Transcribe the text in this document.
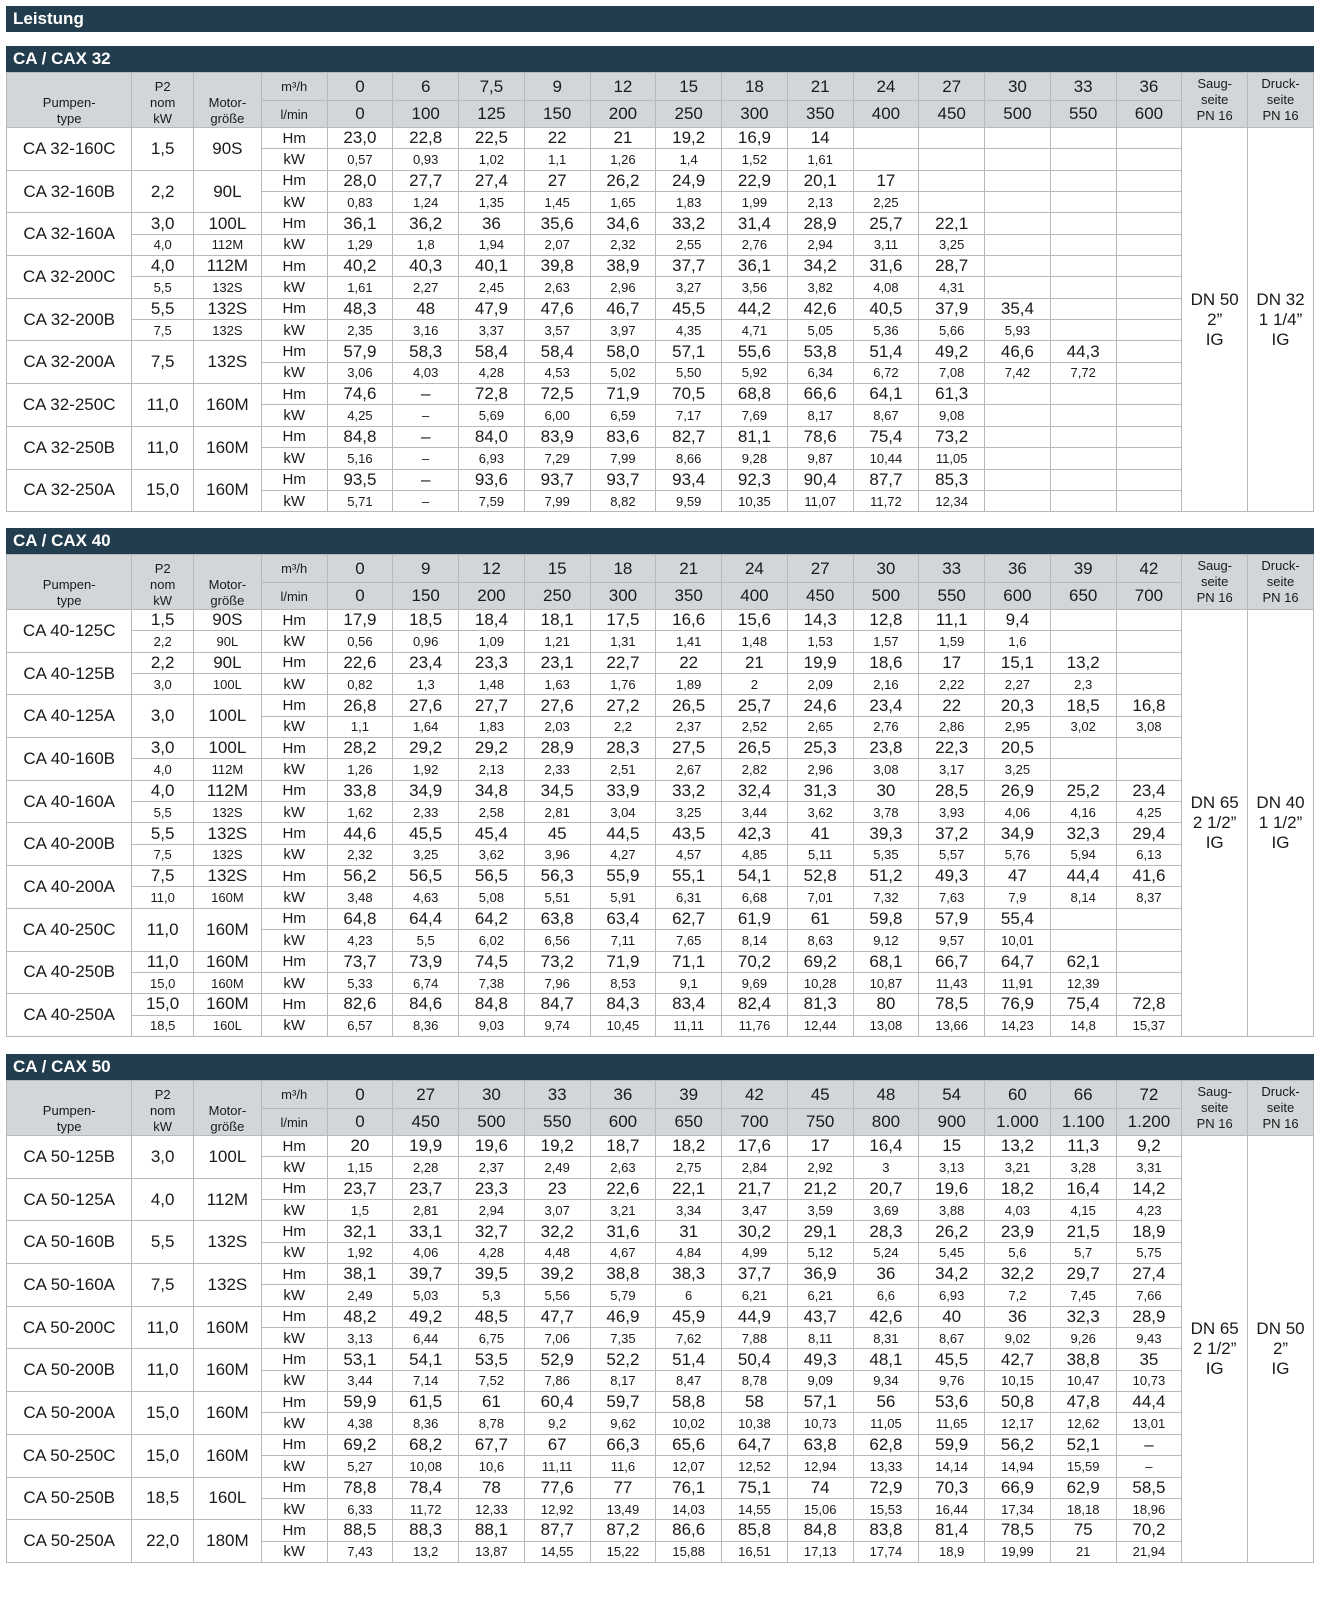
Leistung
CA / CAX 32
Pumpen-
type	P2
nom
kW	Motor-
größe	m³/h	0	6	7,5	9	12	15	18	21	24	27	30	33	36	Saug-
seite
PN 16	Druck-
seite
PN 16
			l/min	0	100	125	150	200	250	300	350	400	450	500	550	600		
CA 32-160C	1,5	90S	Hm	23,0	22,8	22,5	22	21	19,2	16,9	14						DN 50
2”
IG	DN 32
1 1/4”
IG
			kW	0,57	0,93	1,02	1,1	1,26	1,4	1,52	1,61							
CA 32-160B	2,2	90L	Hm	28,0	27,7	27,4	27	26,2	24,9	22,9	20,1	17						
			kW	0,83	1,24	1,35	1,45	1,65	1,83	1,99	2,13	2,25						
CA 32-160A	3,0	100L	Hm	36,1	36,2	36	35,6	34,6	33,2	31,4	28,9	25,7	22,1					
	4,0	112M	kW	1,29	1,8	1,94	2,07	2,32	2,55	2,76	2,94	3,11	3,25					
CA 32-200C	4,0	112M	Hm	40,2	40,3	40,1	39,8	38,9	37,7	36,1	34,2	31,6	28,7					
	5,5	132S	kW	1,61	2,27	2,45	2,63	2,96	3,27	3,56	3,82	4,08	4,31					
CA 32-200B	5,5	132S	Hm	48,3	48	47,9	47,6	46,7	45,5	44,2	42,6	40,5	37,9	35,4				
	7,5	132S	kW	2,35	3,16	3,37	3,57	3,97	4,35	4,71	5,05	5,36	5,66	5,93				
CA 32-200A	7,5	132S	Hm	57,9	58,3	58,4	58,4	58,0	57,1	55,6	53,8	51,4	49,2	46,6	44,3			
			kW	3,06	4,03	4,28	4,53	5,02	5,50	5,92	6,34	6,72	7,08	7,42	7,72			
CA 32-250C	11,0	160M	Hm	74,6	–	72,8	72,5	71,9	70,5	68,8	66,6	64,1	61,3					
			kW	4,25	–	5,69	6,00	6,59	7,17	7,69	8,17	8,67	9,08					
CA 32-250B	11,0	160M	Hm	84,8	–	84,0	83,9	83,6	82,7	81,1	78,6	75,4	73,2					
			kW	5,16	–	6,93	7,29	7,99	8,66	9,28	9,87	10,44	11,05					
CA 32-250A	15,0	160M	Hm	93,5	–	93,6	93,7	93,7	93,4	92,3	90,4	87,7	85,3					
			kW	5,71	–	7,59	7,99	8,82	9,59	10,35	11,07	11,72	12,34					
CA / CAX 40
Pumpen-
type	P2
nom
kW	Motor-
größe	m³/h	0	9	12	15	18	21	24	27	30	33	36	39	42	Saug-
seite
PN 16	Druck-
seite
PN 16
			l/min	0	150	200	250	300	350	400	450	500	550	600	650	700		
CA 40-125C	1,5	90S	Hm	17,9	18,5	18,4	18,1	17,5	16,6	15,6	14,3	12,8	11,1	9,4			DN 65
2 1/2”
IG	DN 40
1 1/2”
IG
	2,2	90L	kW	0,56	0,96	1,09	1,21	1,31	1,41	1,48	1,53	1,57	1,59	1,6				
CA 40-125B	2,2	90L	Hm	22,6	23,4	23,3	23,1	22,7	22	21	19,9	18,6	17	15,1	13,2			
	3,0	100L	kW	0,82	1,3	1,48	1,63	1,76	1,89	2	2,09	2,16	2,22	2,27	2,3			
CA 40-125A	3,0	100L	Hm	26,8	27,6	27,7	27,6	27,2	26,5	25,7	24,6	23,4	22	20,3	18,5	16,8		
			kW	1,1	1,64	1,83	2,03	2,2	2,37	2,52	2,65	2,76	2,86	2,95	3,02	3,08		
CA 40-160B	3,0	100L	Hm	28,2	29,2	29,2	28,9	28,3	27,5	26,5	25,3	23,8	22,3	20,5				
	4,0	112M	kW	1,26	1,92	2,13	2,33	2,51	2,67	2,82	2,96	3,08	3,17	3,25				
CA 40-160A	4,0	112M	Hm	33,8	34,9	34,8	34,5	33,9	33,2	32,4	31,3	30	28,5	26,9	25,2	23,4		
	5,5	132S	kW	1,62	2,33	2,58	2,81	3,04	3,25	3,44	3,62	3,78	3,93	4,06	4,16	4,25		
CA 40-200B	5,5	132S	Hm	44,6	45,5	45,4	45	44,5	43,5	42,3	41	39,3	37,2	34,9	32,3	29,4		
	7,5	132S	kW	2,32	3,25	3,62	3,96	4,27	4,57	4,85	5,11	5,35	5,57	5,76	5,94	6,13		
CA 40-200A	7,5	132S	Hm	56,2	56,5	56,5	56,3	55,9	55,1	54,1	52,8	51,2	49,3	47	44,4	41,6		
	11,0	160M	kW	3,48	4,63	5,08	5,51	5,91	6,31	6,68	7,01	7,32	7,63	7,9	8,14	8,37		
CA 40-250C	11,0	160M	Hm	64,8	64,4	64,2	63,8	63,4	62,7	61,9	61	59,8	57,9	55,4				
			kW	4,23	5,5	6,02	6,56	7,11	7,65	8,14	8,63	9,12	9,57	10,01				
CA 40-250B	11,0	160M	Hm	73,7	73,9	74,5	73,2	71,9	71,1	70,2	69,2	68,1	66,7	64,7	62,1			
	15,0	160M	kW	5,33	6,74	7,38	7,96	8,53	9,1	9,69	10,28	10,87	11,43	11,91	12,39			
CA 40-250A	15,0	160M	Hm	82,6	84,6	84,8	84,7	84,3	83,4	82,4	81,3	80	78,5	76,9	75,4	72,8		
	18,5	160L	kW	6,57	8,36	9,03	9,74	10,45	11,11	11,76	12,44	13,08	13,66	14,23	14,8	15,37		
CA / CAX 50
Pumpen-
type	P2
nom
kW	Motor-
größe	m³/h	0	27	30	33	36	39	42	45	48	54	60	66	72	Saug-
seite
PN 16	Druck-
seite
PN 16
			l/min	0	450	500	550	600	650	700	750	800	900	1.000	1.100	1.200		
CA 50-125B	3,0	100L	Hm	20	19,9	19,6	19,2	18,7	18,2	17,6	17	16,4	15	13,2	11,3	9,2	DN 65
2 1/2”
IG	DN 50
2”
IG
			kW	1,15	2,28	2,37	2,49	2,63	2,75	2,84	2,92	3	3,13	3,21	3,28	3,31		
CA 50-125A	4,0	112M	Hm	23,7	23,7	23,3	23	22,6	22,1	21,7	21,2	20,7	19,6	18,2	16,4	14,2		
			kW	1,5	2,81	2,94	3,07	3,21	3,34	3,47	3,59	3,69	3,88	4,03	4,15	4,23		
CA 50-160B	5,5	132S	Hm	32,1	33,1	32,7	32,2	31,6	31	30,2	29,1	28,3	26,2	23,9	21,5	18,9		
			kW	1,92	4,06	4,28	4,48	4,67	4,84	4,99	5,12	5,24	5,45	5,6	5,7	5,75		
CA 50-160A	7,5	132S	Hm	38,1	39,7	39,5	39,2	38,8	38,3	37,7	36,9	36	34,2	32,2	29,7	27,4		
			kW	2,49	5,03	5,3	5,56	5,79	6	6,21	6,21	6,6	6,93	7,2	7,45	7,66		
CA 50-200C	11,0	160M	Hm	48,2	49,2	48,5	47,7	46,9	45,9	44,9	43,7	42,6	40	36	32,3	28,9		
			kW	3,13	6,44	6,75	7,06	7,35	7,62	7,88	8,11	8,31	8,67	9,02	9,26	9,43		
CA 50-200B	11,0	160M	Hm	53,1	54,1	53,5	52,9	52,2	51,4	50,4	49,3	48,1	45,5	42,7	38,8	35		
			kW	3,44	7,14	7,52	7,86	8,17	8,47	8,78	9,09	9,34	9,76	10,15	10,47	10,73		
CA 50-200A	15,0	160M	Hm	59,9	61,5	61	60,4	59,7	58,8	58	57,1	56	53,6	50,8	47,8	44,4		
			kW	4,38	8,36	8,78	9,2	9,62	10,02	10,38	10,73	11,05	11,65	12,17	12,62	13,01		
CA 50-250C	15,0	160M	Hm	69,2	68,2	67,7	67	66,3	65,6	64,7	63,8	62,8	59,9	56,2	52,1	–		
			kW	5,27	10,08	10,6	11,11	11,6	12,07	12,52	12,94	13,33	14,14	14,94	15,59	–		
CA 50-250B	18,5	160L	Hm	78,8	78,4	78	77,6	77	76,1	75,1	74	72,9	70,3	66,9	62,9	58,5		
			kW	6,33	11,72	12,33	12,92	13,49	14,03	14,55	15,06	15,53	16,44	17,34	18,18	18,96		
CA 50-250A	22,0	180M	Hm	88,5	88,3	88,1	87,7	87,2	86,6	85,8	84,8	83,8	81,4	78,5	75	70,2		
			kW	7,43	13,2	13,87	14,55	15,22	15,88	16,51	17,13	17,74	18,9	19,99	21	21,94		
